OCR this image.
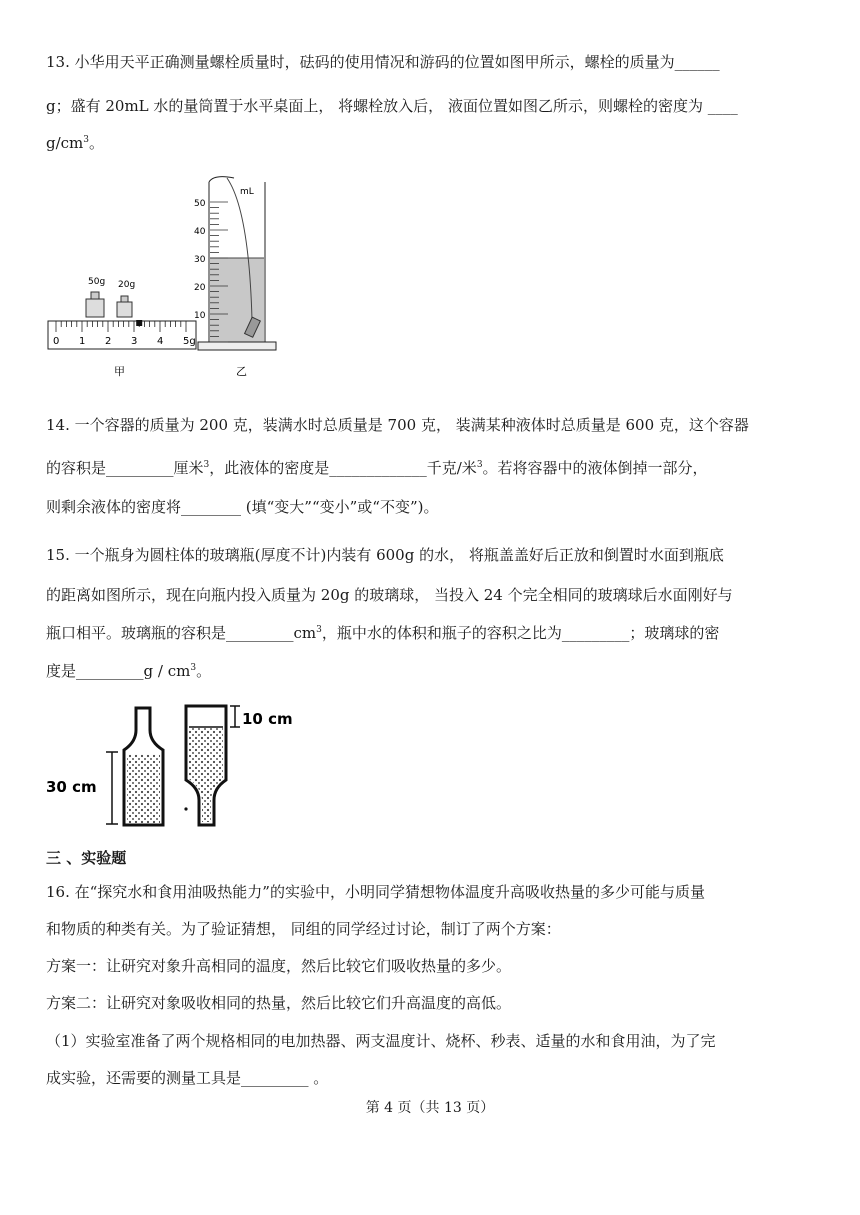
13. 小华用天平正确测量螺栓质量时，砝码的使用情况和游码的位置如图甲所示，螺栓的质量为______
g；盛有 20mL 水的量筒置于水平桌面上， 将螺栓放入后， 液面位置如图乙所示，则螺栓的密度为 ____
$g/cm^3$。
50g 20g
0 1 2 3 4 5g
甲
mL
50
40
30
20
10
乙
14. 一个容器的质量为 200 克，装满水时总质量是 700 克， 装满某种液体时总质量是 600 克，这个容器
的容积是_________厘米$^3$，此液体的密度是_____________千克/米$^3$。若将容器中的液体倒掉一部分，
则剩余液体的密度将________ (填“变大”“变小”或“不变”)。
15. 一个瓶身为圆柱体的玻璃瓶(厚度不计)内装有 600g 的水， 将瓶盖盖好后正放和倒置时水面到瓶底
的距离如图所示，现在向瓶内投入质量为 20g 的玻璃球， 当投入 24 个完全相同的玻璃球后水面刚好与
瓶口相平。玻璃瓶的容积是$\_\_\_\_\_\_\_\_\_cm^3$，瓶中水的体积和瓶子的容积之比为_________；玻璃球的密
度是_________g / $cm^3$。
30 cm
10 cm
三 、实验题
16. 在“探究水和食用油吸热能力”的实验中，小明同学猜想物体温度升高吸收热量的多少可能与质量
和物质的种类有关。为了验证猜想， 同组的同学经过讨论，制订了两个方案：
方案一：让研究对象升高相同的温度，然后比较它们吸收热量的多少。
方案二：让研究对象吸收相同的热量，然后比较它们升高温度的高低。
（1）实验室准备了两个规格相同的电加热器、两支温度计、烧杯、秒表、适量的水和食用油，为了完
成实验，还需要的测量工具是_________ 。
第 4 页（共 13 页）
